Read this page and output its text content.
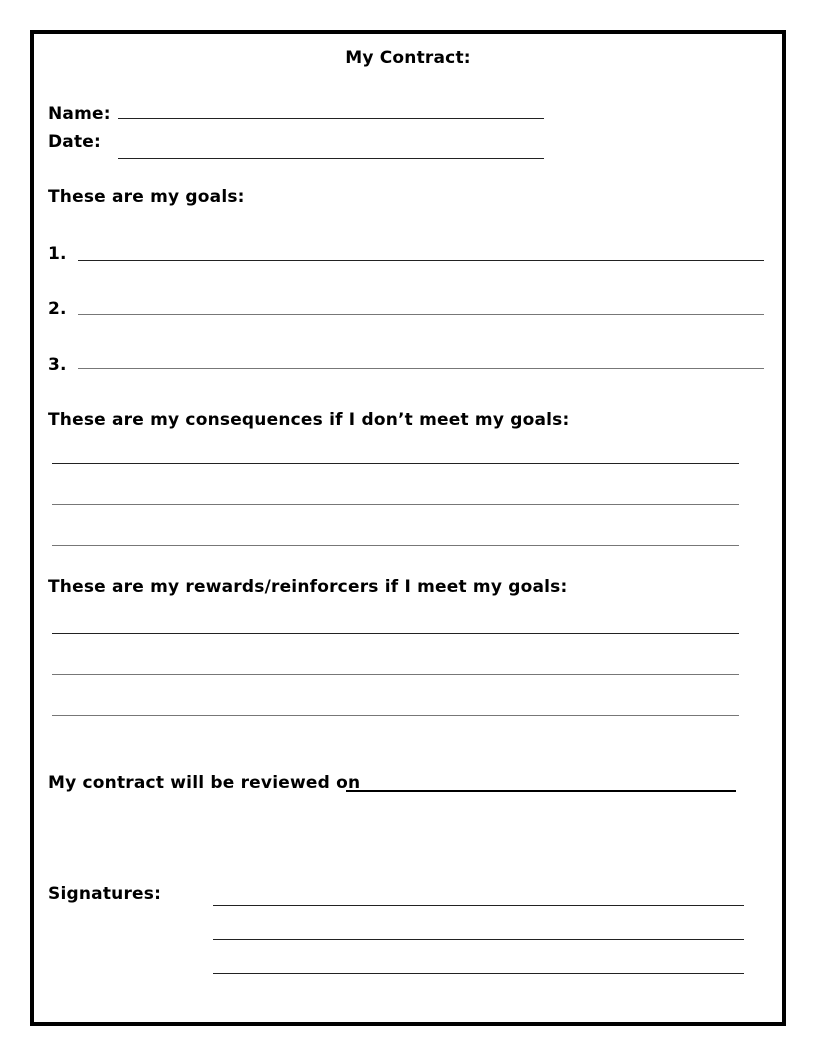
My Contract:
Name:
Date:
These are my goals:
1.
2.
3.
These are my consequences if I don’t meet my goals:
These are my rewards/reinforcers if I meet my goals:
My contract will be reviewed on
Signatures:
